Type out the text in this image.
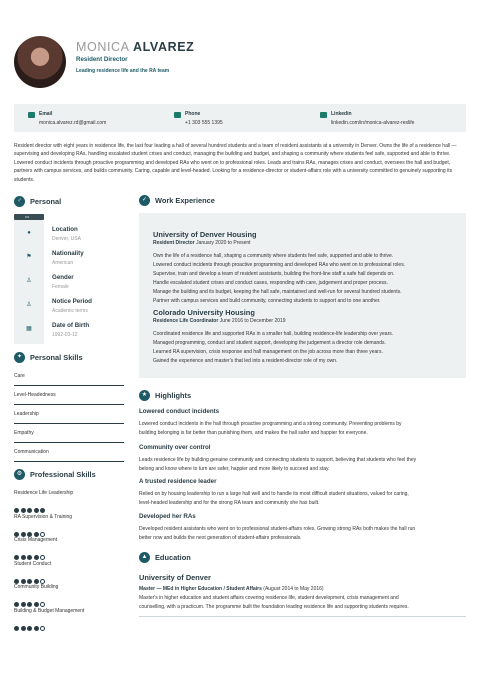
MONICA ALVAREZ
Resident Director
Leading residence life and the RA team
Email
monica.alvarez.rd@gmail.com
Phone
+1 303 555 1395
Linkedin
linkedin.com/in/monica-alvarez-reslife
Resident director with eight years in residence life, the last four leading a hall of several hundred students and a team of resident assistants at a university in Denver. Owns the life of a residence hall — supervising and developing RAs, handling escalated student crises and conduct, managing the building and budget, and shaping a community where students feel safe, supported and able to thrive. Lowered conduct incidents through proactive programming and developed RAs who went on to professional roles. Leads and trains RAs, manages crises and conduct, oversees the hall and budget, partners with campus services, and builds community. Caring, capable and level-headed. Looking for a residence-director or student-affairs role with a university committed to genuinely supporting its students.
♂	Personal
•••
●	Location
Denver, USA
⚑	Nationality
American
♙	Gender
Female
♙	Notice Period
Academic terms
▦	Date of Birth
1992-03-12
✦	Personal Skills
Care
Level-Headedness
Leadership
Empathy
Communication
⚙	Professional Skills
Residence Life Leadership
RA Supervision & Training
Crisis Management
Student Conduct
Community Building
Building & Budget Management
✓	Work Experience
University of Denver Housing
Resident Director January 2020 to Present
Own the life of a residence hall, shaping a community where students feel safe, supported and able to thrive.
Lowered conduct incidents through proactive programming and developed RAs who went on to professional roles.
Supervise, train and develop a team of resident assistants, building the front-line staff a safe hall depends on.
Handle escalated student crises and conduct cases, responding with care, judgement and proper process.
Manage the building and its budget, keeping the hall safe, maintained and well-run for several hundred students.
Partner with campus services and build community, connecting students to support and to one another.
Colorado University Housing
Residence Life Coordinator June 2016 to December 2019
Coordinated residence life and supported RAs in a smaller hall, building residence-life leadership over years.
Managed programming, conduct and student support, developing the judgement a director role demands.
Learned RA supervision, crisis response and hall management on the job across more than three years.
Gained the experience and master's that led into a resident-director role of my own.
★	Highlights
Lowered conduct incidents
Lowered conduct incidents in the hall through proactive programming and a strong community. Preventing problems by
building belonging is far better than punishing them, and makes the hall safer and happier for everyone.
Community over control
Leads residence life by building genuine community and connecting students to support, believing that students who feel they
belong and know where to turn are safer, happier and more likely to succeed and stay.
A trusted residence leader
Relied on by housing leadership to run a large hall well and to handle its most difficult student situations, valued for caring,
level-headed leadership and for the strong RA team and community she has built.
Developed her RAs
Developed resident assistants who went on to professional student-affairs roles. Growing strong RAs both makes the hall run
better now and builds the next generation of student-affairs professionals.
▲	Education
University of Denver
Master — MEd in Higher Education / Student Affairs (August 2014 to May 2016)
Master's in higher education and student affairs covering residence life, student development, crisis management and
counselling, with a practicum. The programme built the foundation leading residence life and supporting students requires.
